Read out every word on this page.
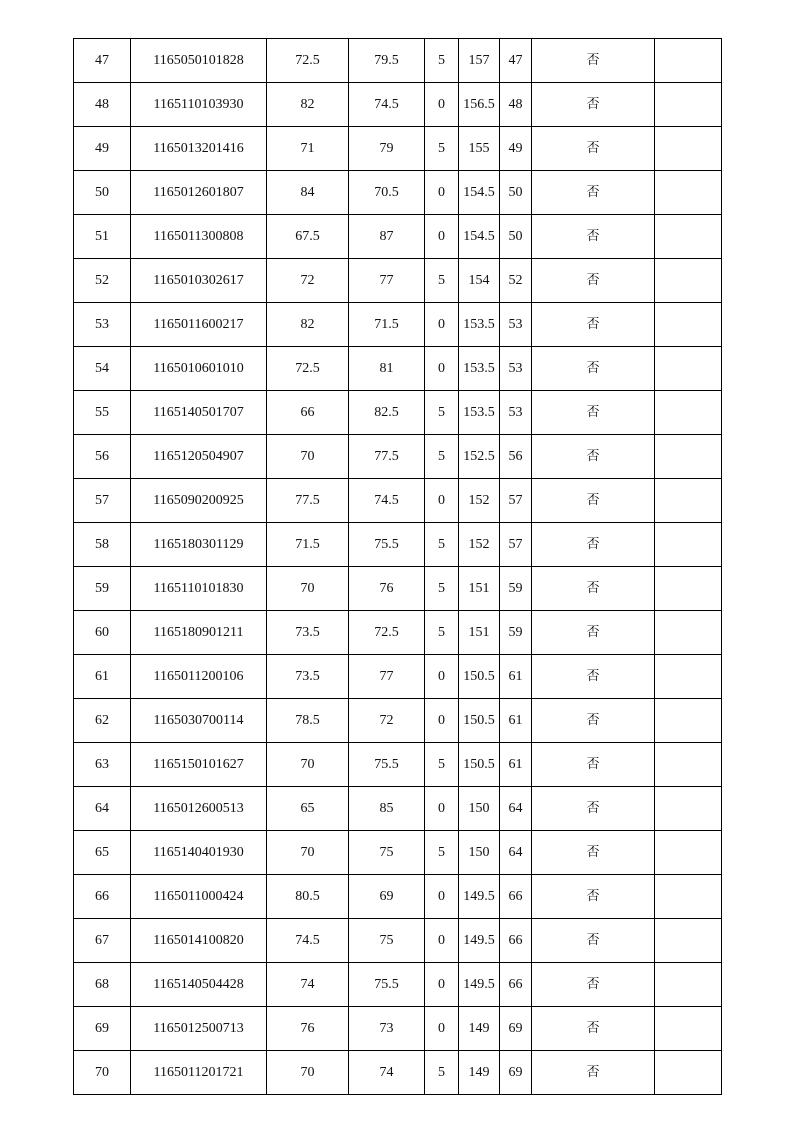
47	1165050101828	72.5	79.5	5	157	47	否	
48	1165110103930	82	74.5	0	156.5	48	否	
49	1165013201416	71	79	5	155	49	否	
50	1165012601807	84	70.5	0	154.5	50	否	
51	1165011300808	67.5	87	0	154.5	50	否	
52	1165010302617	72	77	5	154	52	否	
53	1165011600217	82	71.5	0	153.5	53	否	
54	1165010601010	72.5	81	0	153.5	53	否	
55	1165140501707	66	82.5	5	153.5	53	否	
56	1165120504907	70	77.5	5	152.5	56	否	
57	1165090200925	77.5	74.5	0	152	57	否	
58	1165180301129	71.5	75.5	5	152	57	否	
59	1165110101830	70	76	5	151	59	否	
60	1165180901211	73.5	72.5	5	151	59	否	
61	1165011200106	73.5	77	0	150.5	61	否	
62	1165030700114	78.5	72	0	150.5	61	否	
63	1165150101627	70	75.5	5	150.5	61	否	
64	1165012600513	65	85	0	150	64	否	
65	1165140401930	70	75	5	150	64	否	
66	1165011000424	80.5	69	0	149.5	66	否	
67	1165014100820	74.5	75	0	149.5	66	否	
68	1165140504428	74	75.5	0	149.5	66	否	
69	1165012500713	76	73	0	149	69	否	
70	1165011201721	70	74	5	149	69	否	
